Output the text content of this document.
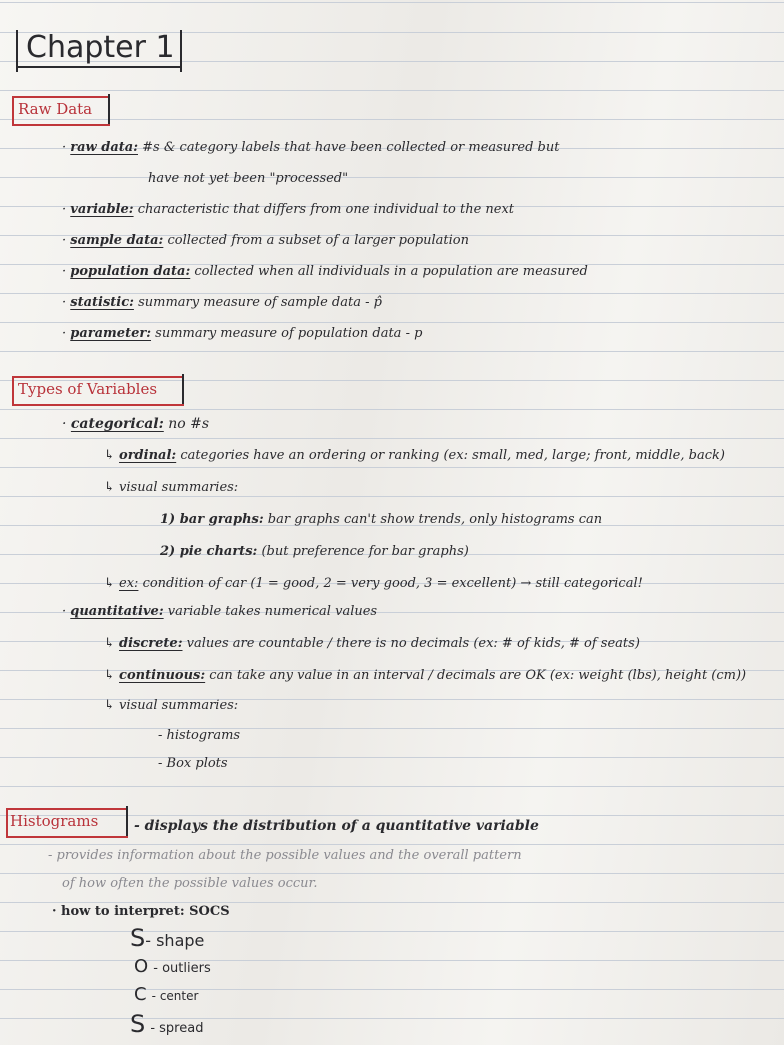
Chapter 1
Raw Data
· raw data: #s & category labels that have been collected or measured but
have not yet been "processed"
· variable: characteristic that differs from one individual to the next
· sample data: collected from a subset of a larger population
· population data: collected when all individuals in a population are measured
· statistic: summary measure of sample data - p̂
· parameter: summary measure of population data - p
Types of Variables
· categorical: no #s
↳ ordinal: categories have an ordering or ranking (ex: small, med, large; front, middle, back)
↳ visual summaries:
1) bar graphs: bar graphs can't show trends, only histograms can
2) pie charts: (but preference for bar graphs)
↳ ex: condition of car (1 = good, 2 = very good, 3 = excellent) → still categorical!
· quantitative: variable takes numerical values
↳ discrete: values are countable / there is no decimals (ex: # of kids, # of seats)
↳ continuous: can take any value in an interval / decimals are OK (ex: weight (lbs), height (cm))
↳ visual summaries:
- histograms
- Box plots
Histograms	- displays the distribution of a quantitative variable
- provides information about the possible values and the overall pattern
of how often the possible values occur.
· how to interpret: SOCS
S- shape
O - outliers
C - center
S - spread
